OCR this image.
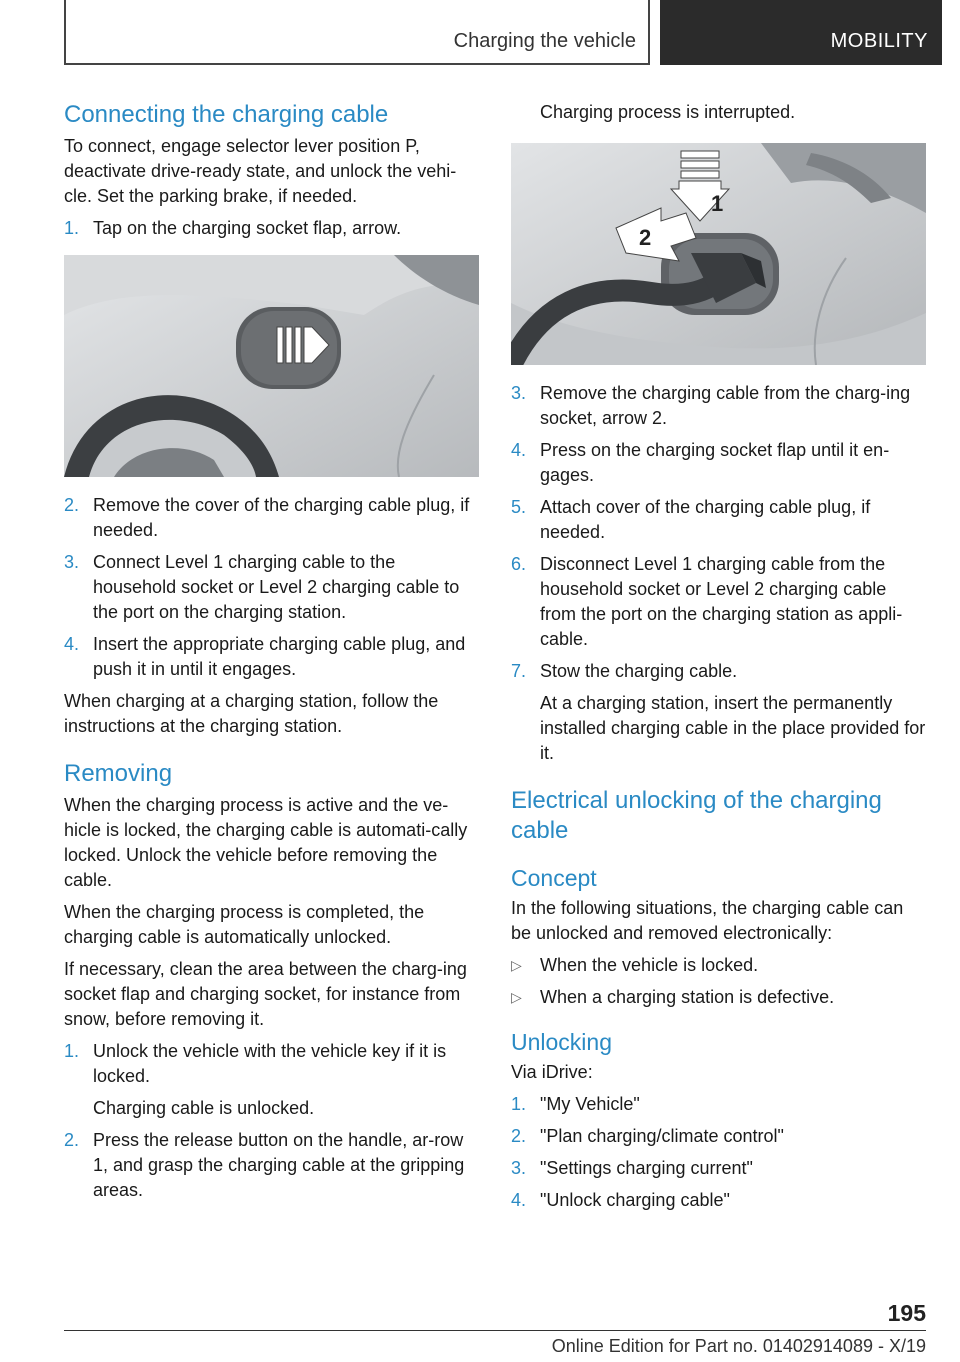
Charging the vehicle	MOBILITY
Connecting the charging cable

To connect, engage selector lever position P, deactivate drive-ready state, and unlock the vehi-cle. Set the parking brake, if needed.

1. Tap on the charging socket flap, arrow.
2. Remove the cover of the charging cable plug, if needed.
3. Connect Level 1 charging cable to the household socket or Level 2 charging cable to the port on the charging station.
4. Insert the appropriate charging cable plug, and push it in until it engages.

When charging at a charging station, follow the instructions at the charging station.

Removing

When the charging process is active and the ve-hicle is locked, the charging cable is automati-cally locked. Unlock the vehicle before removing the cable.

When the charging process is completed, the charging cable is automatically unlocked.

If necessary, clean the area between the charg-ing socket flap and charging socket, for instance from snow, before removing it.

1. Unlock the vehicle with the vehicle key if it is locked.
Charging cable is unlocked.
2. Press the release button on the handle, ar-row 1, and grasp the charging cable at the gripping areas.

Charging process is interrupted.

1
2
3. Remove the charging cable from the charg-ing socket, arrow 2.
4. Press on the charging socket flap until it en-gages.
5. Attach cover of the charging cable plug, if needed.
6. Disconnect Level 1 charging cable from the household socket or Level 2 charging cable from the port on the charging station as appli-cable.
7. Stow the charging cable.
At a charging station, insert the permanently installed charging cable in the place provided for it.
Electrical unlocking of the charging cable
Concept

In the following situations, the charging cable can be unlocked and removed electronically:

▷ When the vehicle is locked.
▷ When a charging station is defective.
Unlocking

Via iDrive:

1. "My Vehicle"
2. "Plan charging/climate control"
3. "Settings charging current"
4. "Unlock charging cable"
195
Online Edition for Part no. 01402914089 - X/19
